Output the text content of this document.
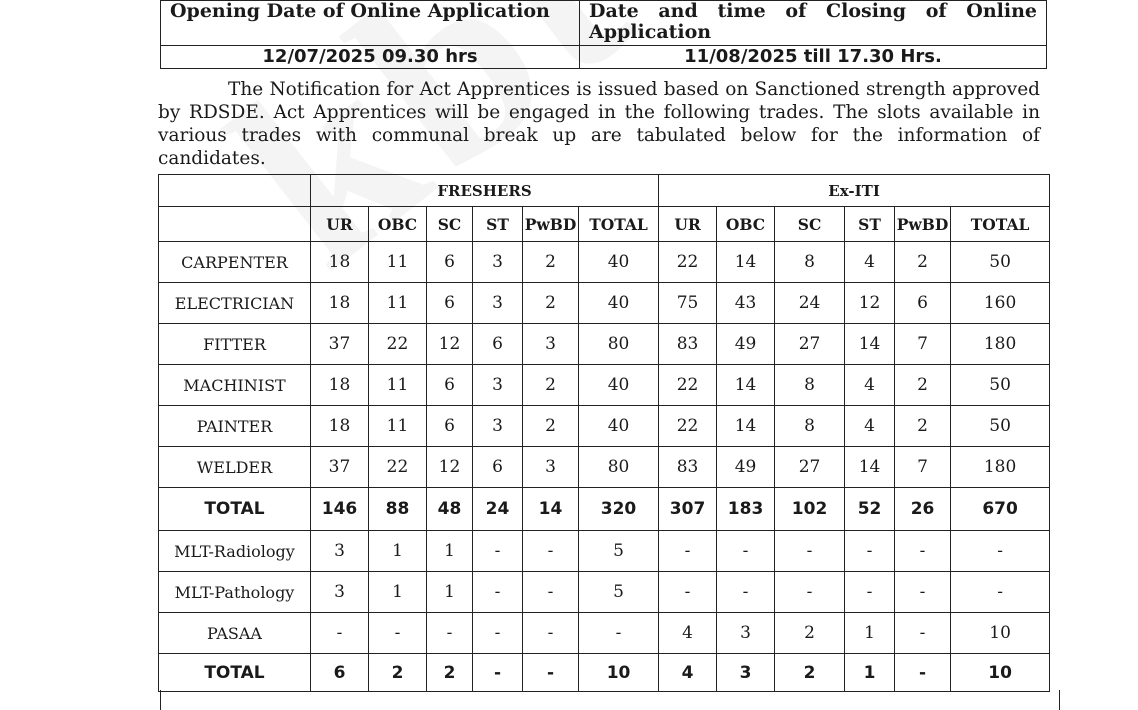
Opening Date of Online Application	Date and time of Closing of Online Application
12/07/2025 09.30 hrs	11/08/2025 till 17.30 Hrs.
The Notification for Act Apprentices is issued based on Sanctioned strength approved by RDSDE. Act Apprentices will be engaged in the following trades. The slots available in various trades with communal break up are tabulated below for the information of candidates.
	FRESHERS						Ex-ITI					
	UR	OBC	SC	ST	PwBD	TOTAL	UR	OBC	SC	ST	PwBD	TOTAL
CARPENTER	18	11	6	3	2	40	22	14	8	4	2	50
ELECTRICIAN	18	11	6	3	2	40	75	43	24	12	6	160
FITTER	37	22	12	6	3	80	83	49	27	14	7	180
MACHINIST	18	11	6	3	2	40	22	14	8	4	2	50
PAINTER	18	11	6	3	2	40	22	14	8	4	2	50
WELDER	37	22	12	6	3	80	83	49	27	14	7	180
TOTAL	146	88	48	24	14	320	307	183	102	52	26	670
MLT-Radiology	3	1	1	-	-	5	-	-	-	-	-	-
MLT-Pathology	3	1	1	-	-	5	-	-	-	-	-	-
PASAA	-	-	-	-	-	-	4	3	2	1	-	10
TOTAL	6	2	2	-	-	10	4	3	2	1	-	10
